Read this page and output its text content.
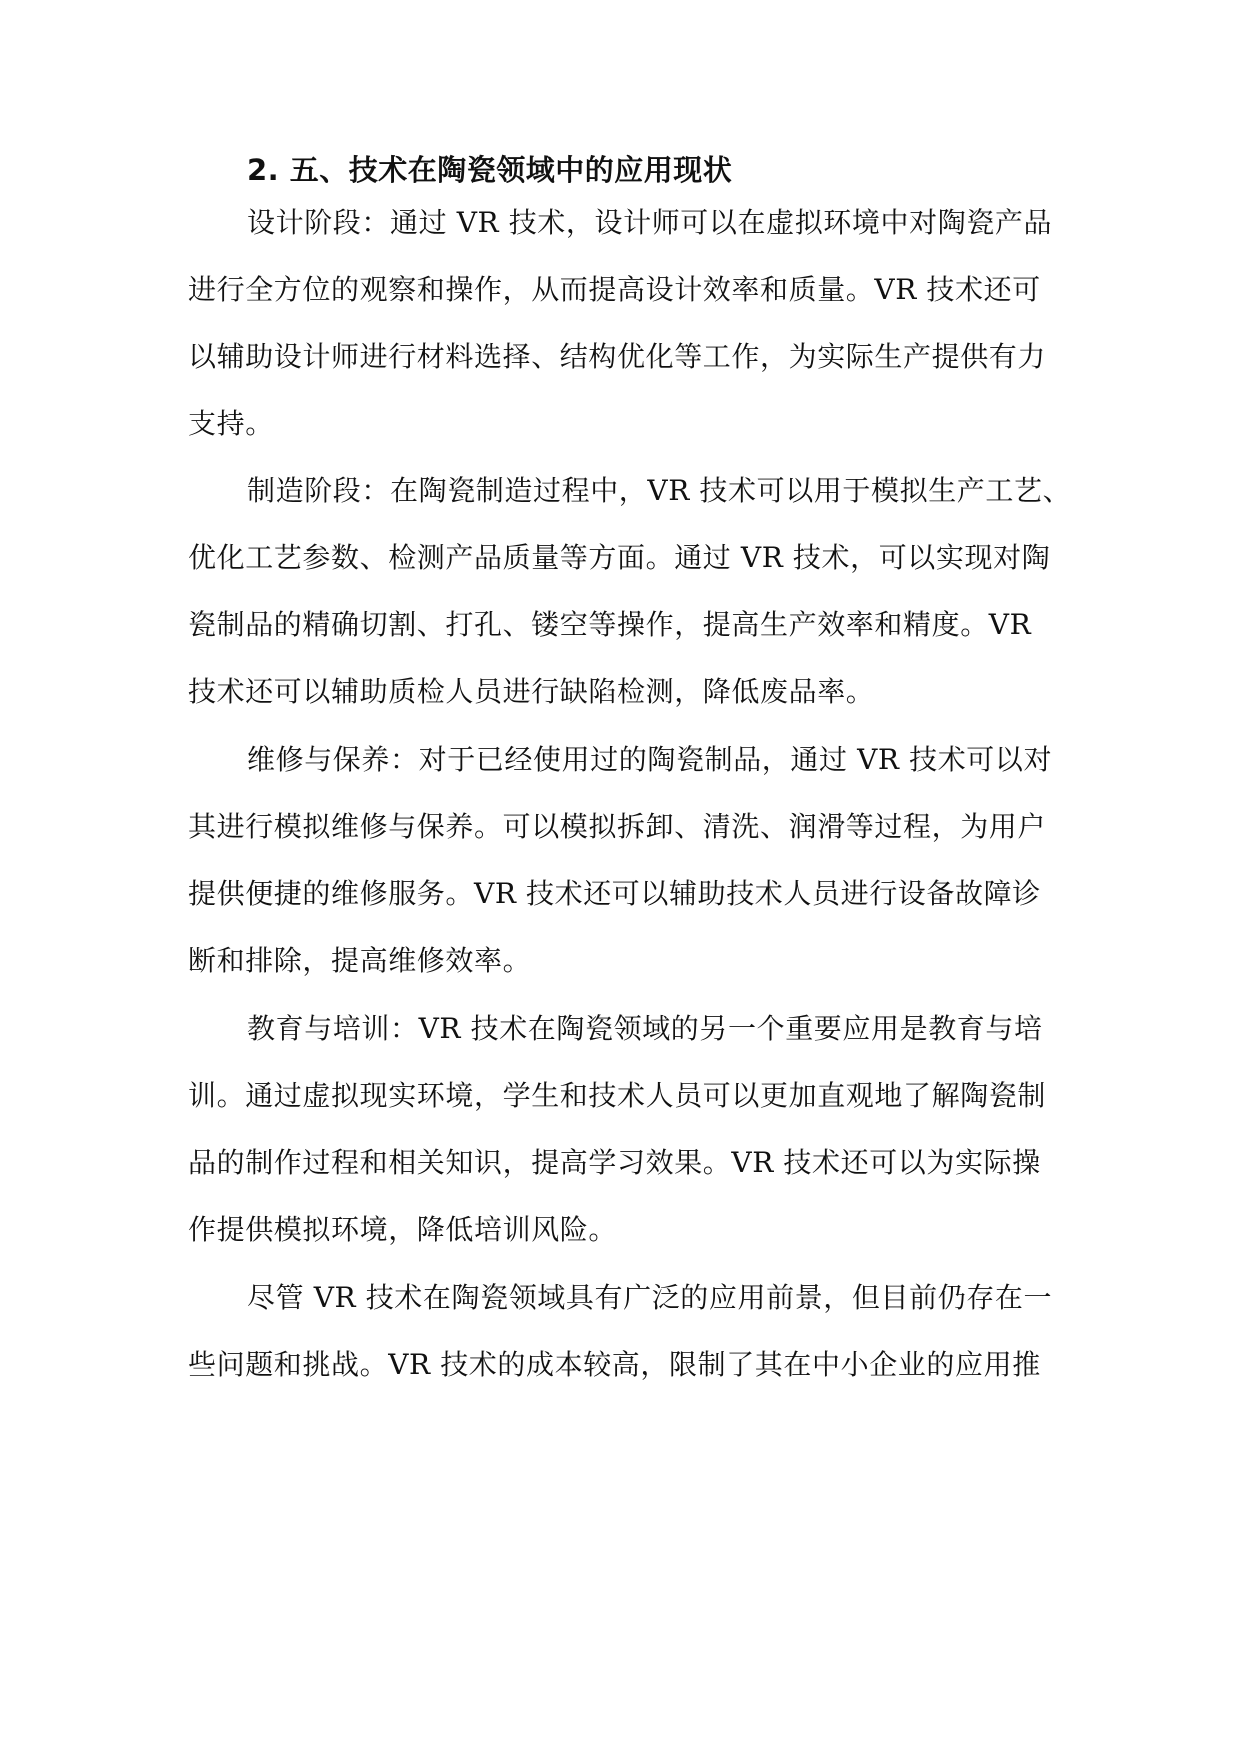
2. 五、技术在陶瓷领域中的应用现状

设计阶段：通过 VR 技术，设计师可以在虚拟环境中对陶瓷产品

进行全方位的观察和操作，从而提高设计效率和质量。VR 技术还可

以辅助设计师进行材料选择、结构优化等工作，为实际生产提供有力

支持。

制造阶段：在陶瓷制造过程中，VR 技术可以用于模拟生产工艺、

优化工艺参数、检测产品质量等方面。通过 VR 技术，可以实现对陶

瓷制品的精确切割、打孔、镂空等操作，提高生产效率和精度。VR

技术还可以辅助质检人员进行缺陷检测，降低废品率。

维修与保养：对于已经使用过的陶瓷制品，通过 VR 技术可以对

其进行模拟维修与保养。可以模拟拆卸、清洗、润滑等过程，为用户

提供便捷的维修服务。VR 技术还可以辅助技术人员进行设备故障诊

断和排除，提高维修效率。

教育与培训：VR 技术在陶瓷领域的另一个重要应用是教育与培

训。通过虚拟现实环境，学生和技术人员可以更加直观地了解陶瓷制

品的制作过程和相关知识，提高学习效果。VR 技术还可以为实际操

作提供模拟环境，降低培训风险。

尽管 VR 技术在陶瓷领域具有广泛的应用前景，但目前仍存在一

些问题和挑战。VR 技术的成本较高，限制了其在中小企业的应用推
